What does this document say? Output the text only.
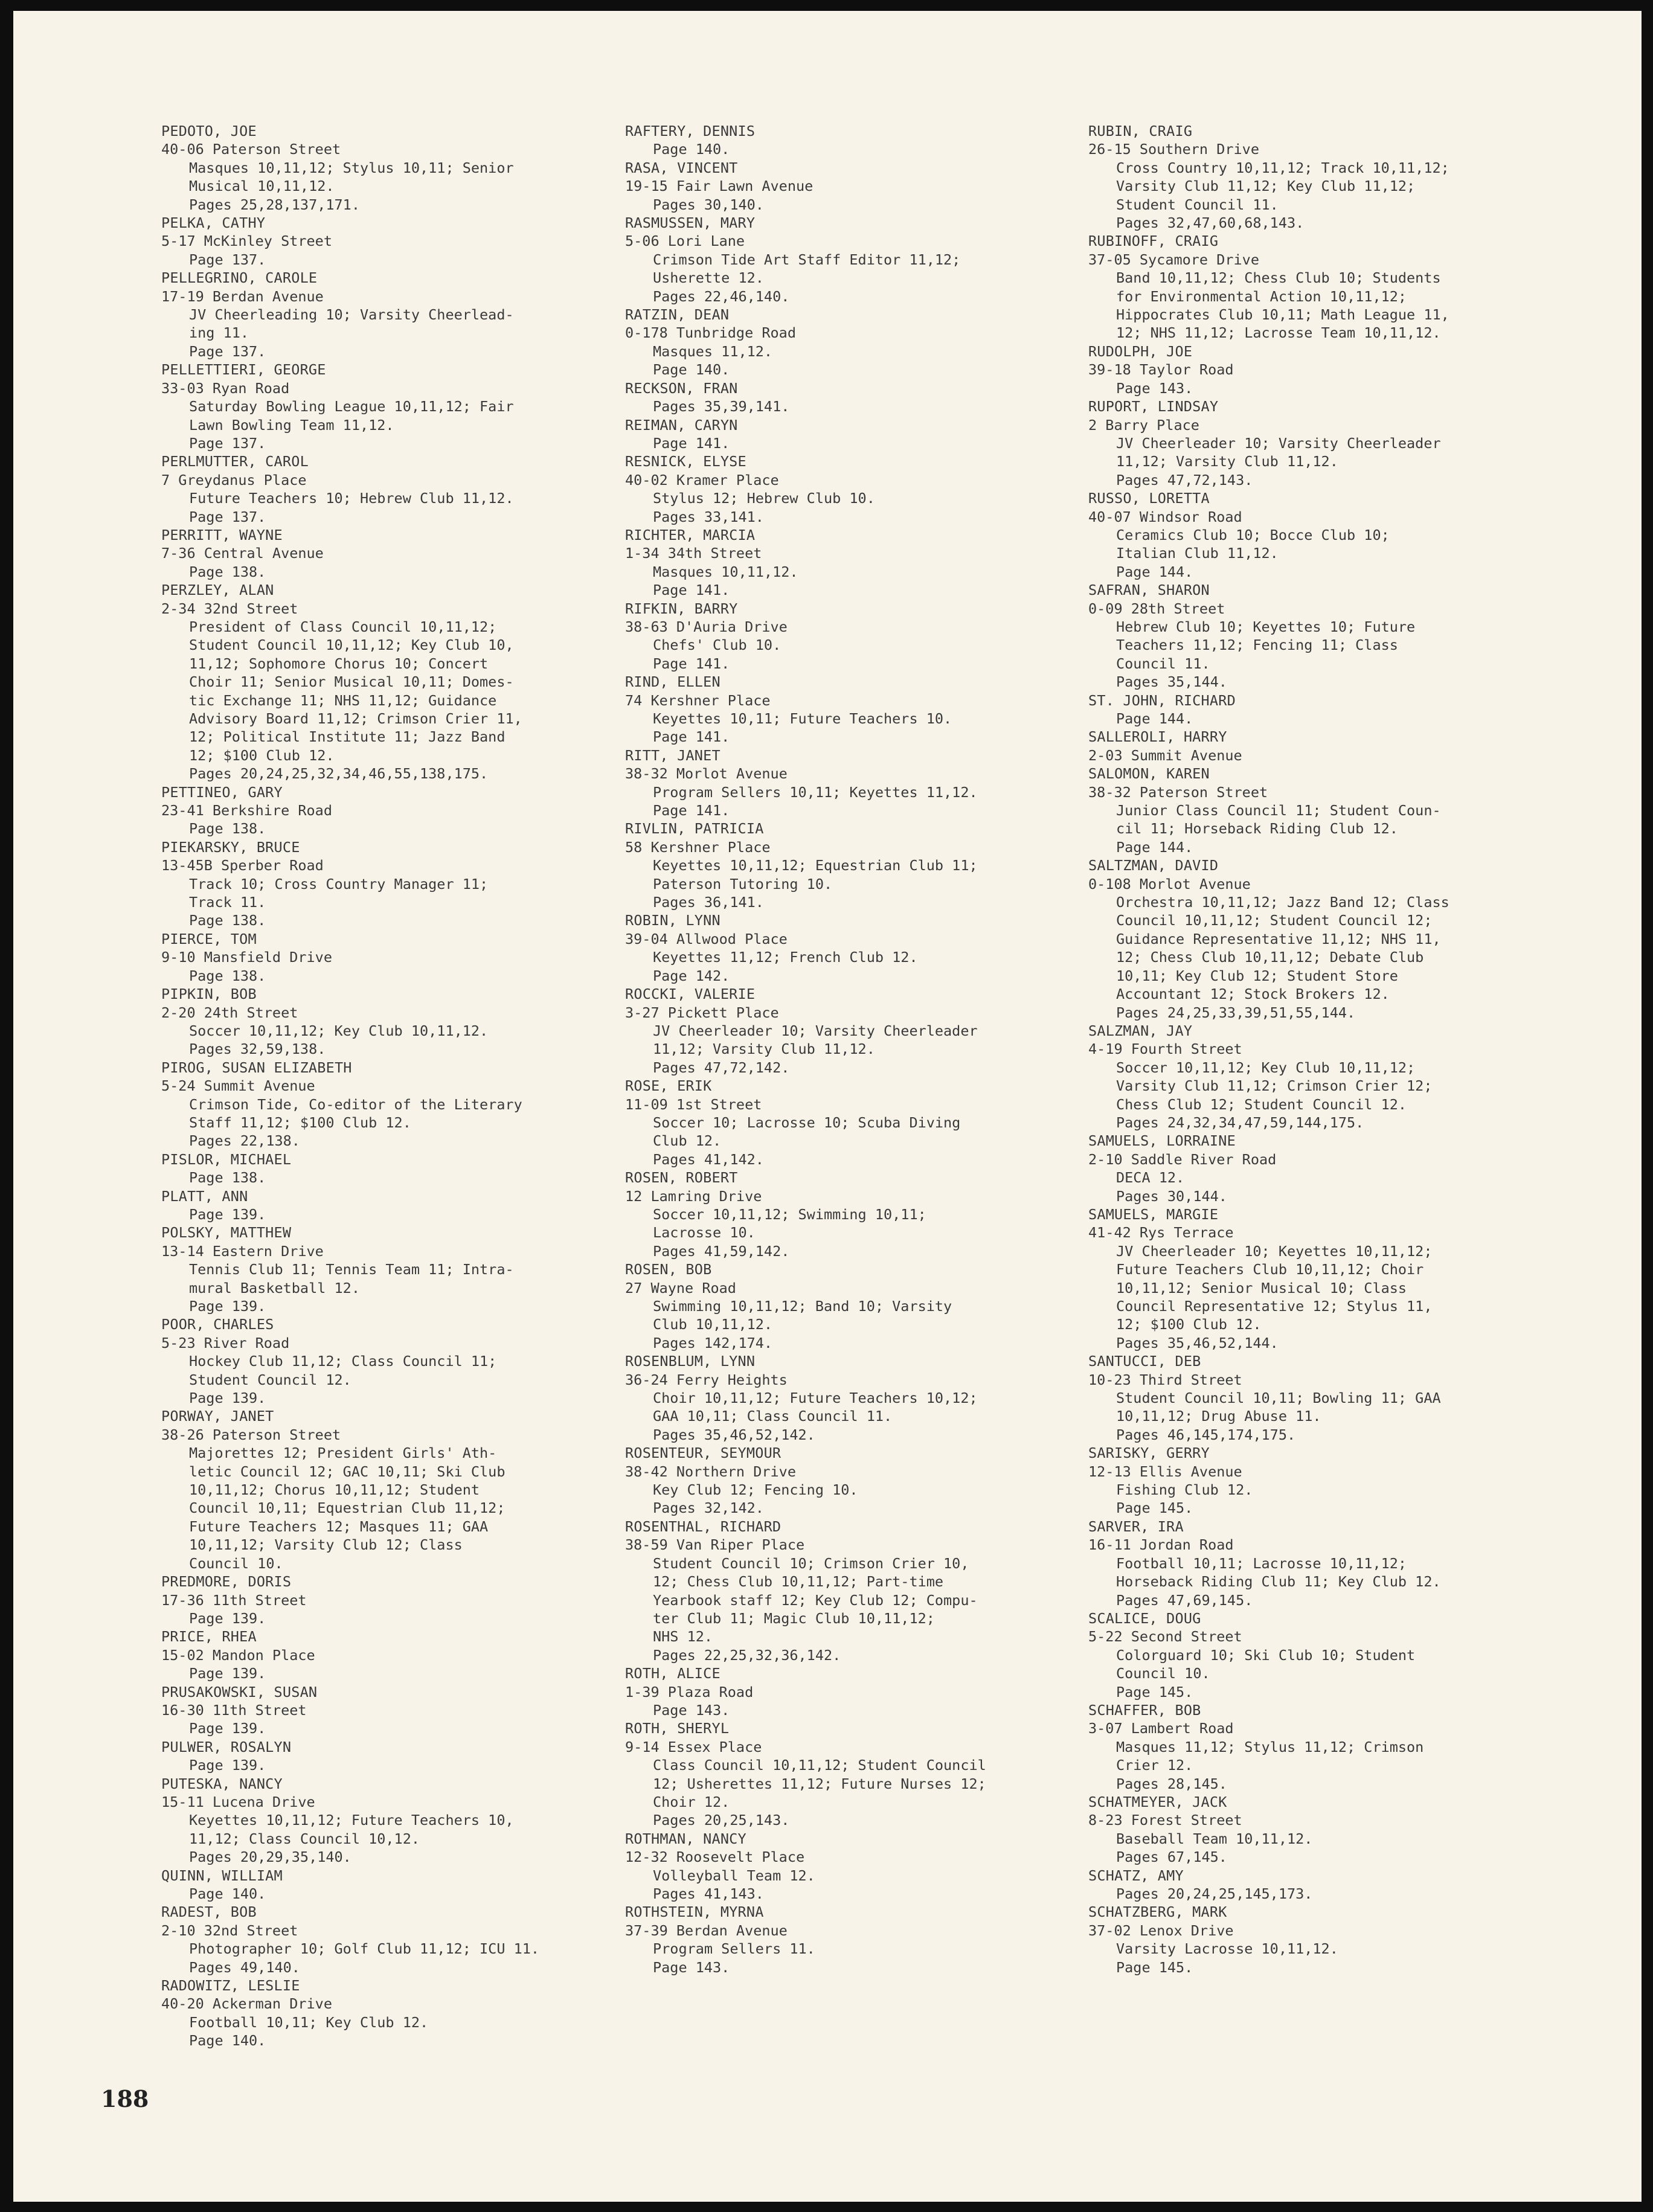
PEDOTO, JOE
40-06 Paterson Street
Masques 10,11,12; Stylus 10,11; Senior
Musical 10,11,12.
Pages 25,28,137,171.
PELKA, CATHY
5-17 McKinley Street
Page 137.
PELLEGRINO, CAROLE
17-19 Berdan Avenue
JV Cheerleading 10; Varsity Cheerlead-
ing 11.
Page 137.
PELLETTIERI, GEORGE
33-03 Ryan Road
Saturday Bowling League 10,11,12; Fair
Lawn Bowling Team 11,12.
Page 137.
PERLMUTTER, CAROL
7 Greydanus Place
Future Teachers 10; Hebrew Club 11,12.
Page 137.
PERRITT, WAYNE
7-36 Central Avenue
Page 138.
PERZLEY, ALAN
2-34 32nd Street
President of Class Council 10,11,12;
Student Council 10,11,12; Key Club 10,
11,12; Sophomore Chorus 10; Concert
Choir 11; Senior Musical 10,11; Domes-
tic Exchange 11; NHS 11,12; Guidance
Advisory Board 11,12; Crimson Crier 11,
12; Political Institute 11; Jazz Band
12; $100 Club 12.
Pages 20,24,25,32,34,46,55,138,175.
PETTINEO, GARY
23-41 Berkshire Road
Page 138.
PIEKARSKY, BRUCE
13-45B Sperber Road
Track 10; Cross Country Manager 11;
Track 11.
Page 138.
PIERCE, TOM
9-10 Mansfield Drive
Page 138.
PIPKIN, BOB
2-20 24th Street
Soccer 10,11,12; Key Club 10,11,12.
Pages 32,59,138.
PIROG, SUSAN ELIZABETH
5-24 Summit Avenue
Crimson Tide, Co-editor of the Literary
Staff 11,12; $100 Club 12.
Pages 22,138.
PISLOR, MICHAEL
Page 138.
PLATT, ANN
Page 139.
POLSKY, MATTHEW
13-14 Eastern Drive
Tennis Club 11; Tennis Team 11; Intra-
mural Basketball 12.
Page 139.
POOR, CHARLES
5-23 River Road
Hockey Club 11,12; Class Council 11;
Student Council 12.
Page 139.
PORWAY, JANET
38-26 Paterson Street
Majorettes 12; President Girls' Ath-
letic Council 12; GAC 10,11; Ski Club
10,11,12; Chorus 10,11,12; Student
Council 10,11; Equestrian Club 11,12;
Future Teachers 12; Masques 11; GAA
10,11,12; Varsity Club 12; Class
Council 10.
PREDMORE, DORIS
17-36 11th Street
Page 139.
PRICE, RHEA
15-02 Mandon Place
Page 139.
PRUSAKOWSKI, SUSAN
16-30 11th Street
Page 139.
PULWER, ROSALYN
Page 139.
PUTESKA, NANCY
15-11 Lucena Drive
Keyettes 10,11,12; Future Teachers 10,
11,12; Class Council 10,12.
Pages 20,29,35,140.
QUINN, WILLIAM
Page 140.
RADEST, BOB
2-10 32nd Street
Photographer 10; Golf Club 11,12; ICU 11.
Pages 49,140.
RADOWITZ, LESLIE
40-20 Ackerman Drive
Football 10,11; Key Club 12.
Page 140.
RAFTERY, DENNIS
Page 140.
RASA, VINCENT
19-15 Fair Lawn Avenue
Pages 30,140.
RASMUSSEN, MARY
5-06 Lori Lane
Crimson Tide Art Staff Editor 11,12;
Usherette 12.
Pages 22,46,140.
RATZIN, DEAN
0-178 Tunbridge Road
Masques 11,12.
Page 140.
RECKSON, FRAN
Pages 35,39,141.
REIMAN, CARYN
Page 141.
RESNICK, ELYSE
40-02 Kramer Place
Stylus 12; Hebrew Club 10.
Pages 33,141.
RICHTER, MARCIA
1-34 34th Street
Masques 10,11,12.
Page 141.
RIFKIN, BARRY
38-63 D'Auria Drive
Chefs' Club 10.
Page 141.
RIND, ELLEN
74 Kershner Place
Keyettes 10,11; Future Teachers 10.
Page 141.
RITT, JANET
38-32 Morlot Avenue
Program Sellers 10,11; Keyettes 11,12.
Page 141.
RIVLIN, PATRICIA
58 Kershner Place
Keyettes 10,11,12; Equestrian Club 11;
Paterson Tutoring 10.
Pages 36,141.
ROBIN, LYNN
39-04 Allwood Place
Keyettes 11,12; French Club 12.
Page 142.
ROCCKI, VALERIE
3-27 Pickett Place
JV Cheerleader 10; Varsity Cheerleader
11,12; Varsity Club 11,12.
Pages 47,72,142.
ROSE, ERIK
11-09 1st Street
Soccer 10; Lacrosse 10; Scuba Diving
Club 12.
Pages 41,142.
ROSEN, ROBERT
12 Lamring Drive
Soccer 10,11,12; Swimming 10,11;
Lacrosse 10.
Pages 41,59,142.
ROSEN, BOB
27 Wayne Road
Swimming 10,11,12; Band 10; Varsity
Club 10,11,12.
Pages 142,174.
ROSENBLUM, LYNN
36-24 Ferry Heights
Choir 10,11,12; Future Teachers 10,12;
GAA 10,11; Class Council 11.
Pages 35,46,52,142.
ROSENTEUR, SEYMOUR
38-42 Northern Drive
Key Club 12; Fencing 10.
Pages 32,142.
ROSENTHAL, RICHARD
38-59 Van Riper Place
Student Council 10; Crimson Crier 10,
12; Chess Club 10,11,12; Part-time
Yearbook staff 12; Key Club 12; Compu-
ter Club 11; Magic Club 10,11,12;
NHS 12.
Pages 22,25,32,36,142.
ROTH, ALICE
1-39 Plaza Road
Page 143.
ROTH, SHERYL
9-14 Essex Place
Class Council 10,11,12; Student Council
12; Usherettes 11,12; Future Nurses 12;
Choir 12.
Pages 20,25,143.
ROTHMAN, NANCY
12-32 Roosevelt Place
Volleyball Team 12.
Pages 41,143.
ROTHSTEIN, MYRNA
37-39 Berdan Avenue
Program Sellers 11.
Page 143.
RUBIN, CRAIG
26-15 Southern Drive
Cross Country 10,11,12; Track 10,11,12;
Varsity Club 11,12; Key Club 11,12;
Student Council 11.
Pages 32,47,60,68,143.
RUBINOFF, CRAIG
37-05 Sycamore Drive
Band 10,11,12; Chess Club 10; Students
for Environmental Action 10,11,12;
Hippocrates Club 10,11; Math League 11,
12; NHS 11,12; Lacrosse Team 10,11,12.
RUDOLPH, JOE
39-18 Taylor Road
Page 143.
RUPORT, LINDSAY
2 Barry Place
JV Cheerleader 10; Varsity Cheerleader
11,12; Varsity Club 11,12.
Pages 47,72,143.
RUSSO, LORETTA
40-07 Windsor Road
Ceramics Club 10; Bocce Club 10;
Italian Club 11,12.
Page 144.
SAFRAN, SHARON
0-09 28th Street
Hebrew Club 10; Keyettes 10; Future
Teachers 11,12; Fencing 11; Class
Council 11.
Pages 35,144.
ST. JOHN, RICHARD
Page 144.
SALLEROLI, HARRY
2-03 Summit Avenue
SALOMON, KAREN
38-32 Paterson Street
Junior Class Council 11; Student Coun-
cil 11; Horseback Riding Club 12.
Page 144.
SALTZMAN, DAVID
0-108 Morlot Avenue
Orchestra 10,11,12; Jazz Band 12; Class
Council 10,11,12; Student Council 12;
Guidance Representative 11,12; NHS 11,
12; Chess Club 10,11,12; Debate Club
10,11; Key Club 12; Student Store
Accountant 12; Stock Brokers 12.
Pages 24,25,33,39,51,55,144.
SALZMAN, JAY
4-19 Fourth Street
Soccer 10,11,12; Key Club 10,11,12;
Varsity Club 11,12; Crimson Crier 12;
Chess Club 12; Student Council 12.
Pages 24,32,34,47,59,144,175.
SAMUELS, LORRAINE
2-10 Saddle River Road
DECA 12.
Pages 30,144.
SAMUELS, MARGIE
41-42 Rys Terrace
JV Cheerleader 10; Keyettes 10,11,12;
Future Teachers Club 10,11,12; Choir
10,11,12; Senior Musical 10; Class
Council Representative 12; Stylus 11,
12; $100 Club 12.
Pages 35,46,52,144.
SANTUCCI, DEB
10-23 Third Street
Student Council 10,11; Bowling 11; GAA
10,11,12; Drug Abuse 11.
Pages 46,145,174,175.
SARISKY, GERRY
12-13 Ellis Avenue
Fishing Club 12.
Page 145.
SARVER, IRA
16-11 Jordan Road
Football 10,11; Lacrosse 10,11,12;
Horseback Riding Club 11; Key Club 12.
Pages 47,69,145.
SCALICE, DOUG
5-22 Second Street
Colorguard 10; Ski Club 10; Student
Council 10.
Page 145.
SCHAFFER, BOB
3-07 Lambert Road
Masques 11,12; Stylus 11,12; Crimson
Crier 12.
Pages 28,145.
SCHATMEYER, JACK
8-23 Forest Street
Baseball Team 10,11,12.
Pages 67,145.
SCHATZ, AMY
Pages 20,24,25,145,173.
SCHATZBERG, MARK
37-02 Lenox Drive
Varsity Lacrosse 10,11,12.
Page 145.
188
